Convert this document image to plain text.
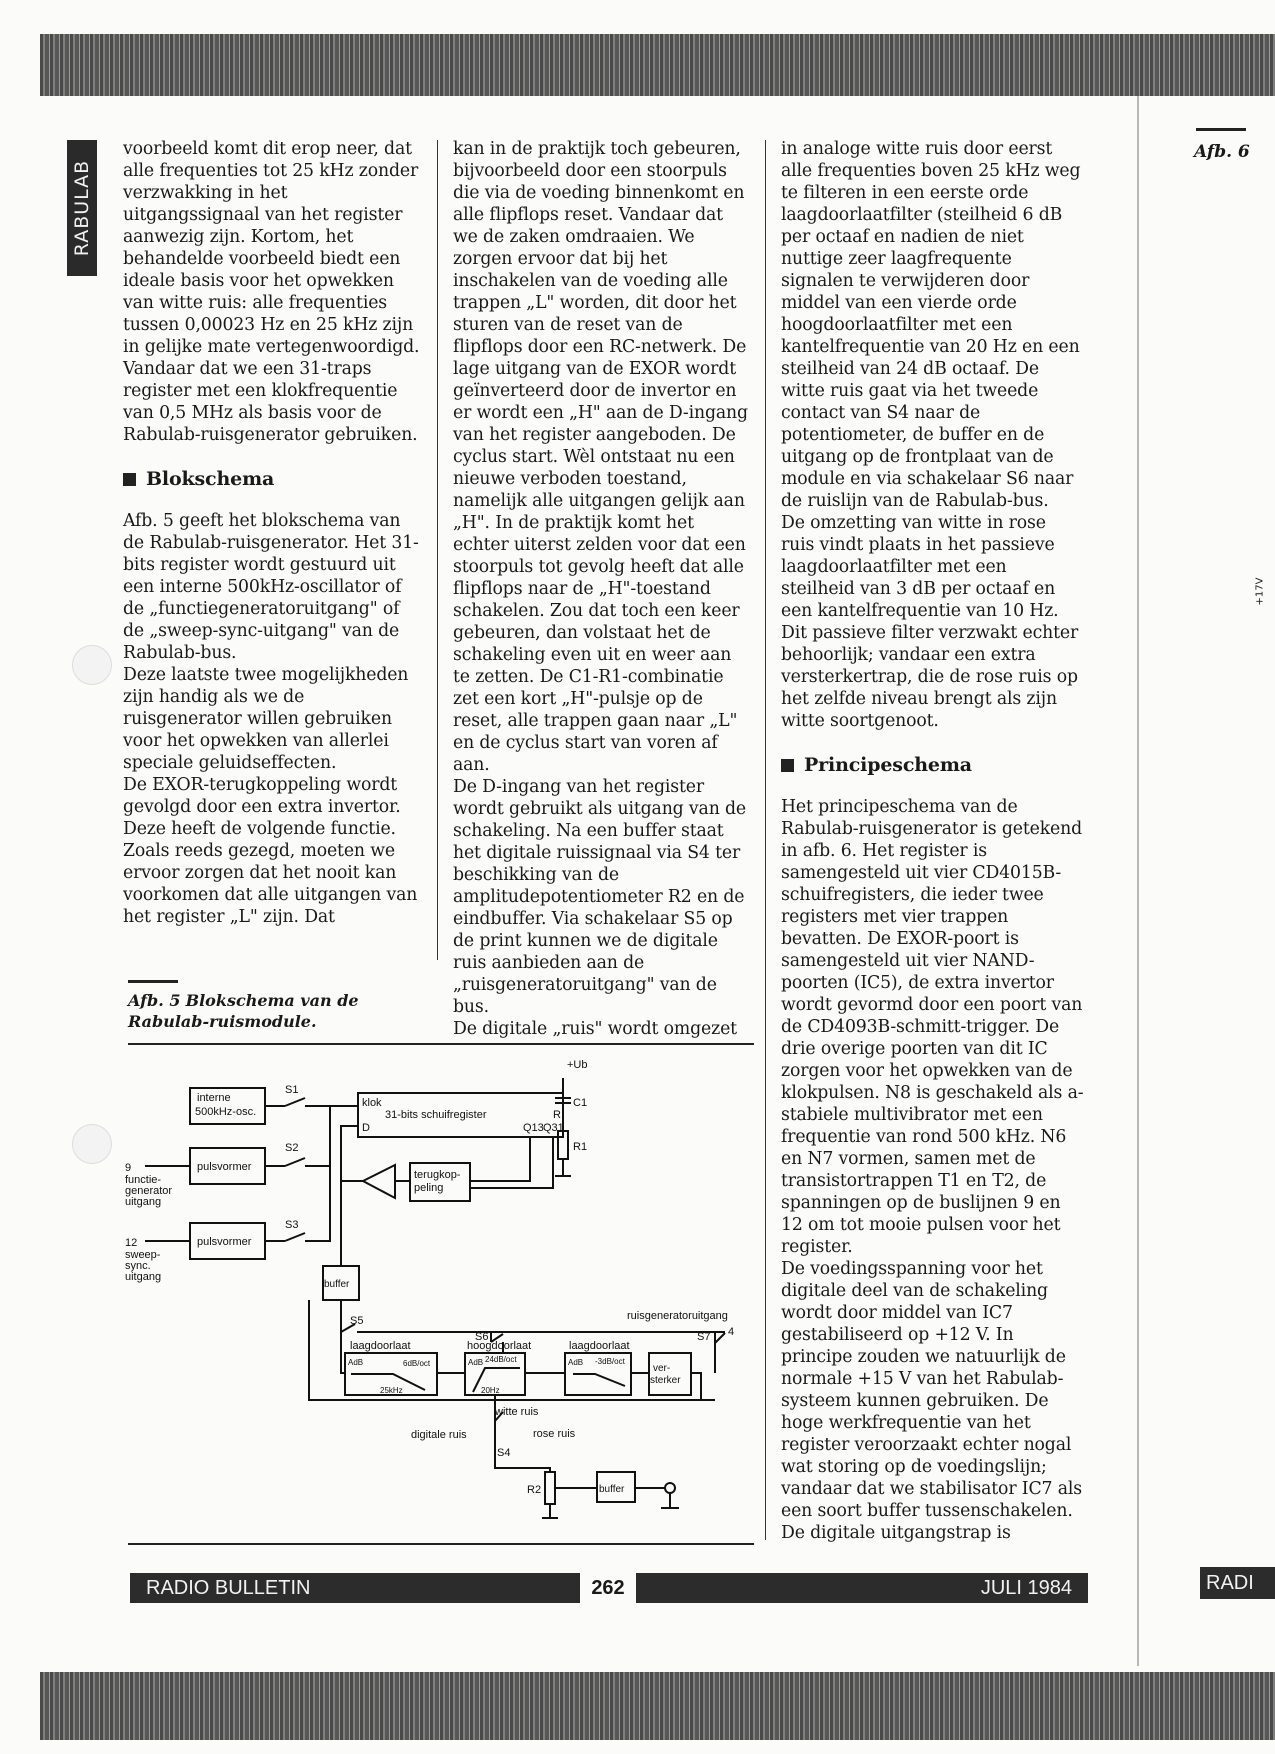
RABULAB

voorbeeld komt dit erop neer, dat alle frequenties tot 25 kHz zonder verzwakking in het uitgangssignaal van het register aanwezig zijn. Kortom, het behandelde voorbeeld biedt een ideale basis voor het opwekken van witte ruis: alle frequenties tussen 0,00023 Hz en 25 kHz zijn in gelijke mate vertegenwoordigd. Vandaar dat we een 31-traps register met een klokfrequentie van 0,5 MHz als basis voor de Rabulab-ruisgenerator gebruiken.

Blokschema

Afb. 5 geeft het blokschema van de Rabulab-ruisgenerator. Het 31-bits register wordt gestuurd uit een interne 500kHz-oscillator of de „functiegeneratoruitgang" of de „sweep-sync-uitgang" van de Rabulab-bus.

Deze laatste twee mogelijkheden zijn handig als we de ruisgenerator willen gebruiken voor het opwekken van allerlei speciale geluidseffecten.

De EXOR-terugkoppeling wordt gevolgd door een extra invertor. Deze heeft de volgende functie. Zoals reeds gezegd, moeten we ervoor zorgen dat het nooit kan voorkomen dat alle uitgangen van het register „L" zijn. Dat

Afb. 5 Blokschema van de Rabulab-ruismodule.

kan in de praktijk toch gebeuren, bijvoorbeeld door een stoorpuls die via de voeding binnenkomt en alle flipflops reset. Vandaar dat we de zaken omdraaien. We zorgen ervoor dat bij het inschakelen van de voeding alle trappen „L" worden, dit door het sturen van de reset van de flipflops door een RC-netwerk. De lage uitgang van de EXOR wordt geïnverteerd door de invertor en er wordt een „H" aan de D-ingang van het register aangeboden. De cyclus start. Wèl ontstaat nu een nieuwe verboden toestand, namelijk alle uitgangen gelijk aan „H". In de praktijk komt het echter uiterst zelden voor dat een stoorpuls tot gevolg heeft dat alle flipflops naar de „H"-toestand schakelen. Zou dat toch een keer gebeuren, dan volstaat het de schakeling even uit en weer aan te zetten. De C1-R1-combinatie zet een kort „H"-pulsje op de reset, alle trappen gaan naar „L" en de cyclus start van voren af aan.

De D-ingang van het register wordt gebruikt als uitgang van de schakeling. Na een buffer staat het digitale ruissignaal via S4 ter beschikking van de amplitudepotentiometer R2 en de eindbuffer. Via schakelaar S5 op de print kunnen we de digitale ruis aanbieden aan de „ruisgeneratoruitgang" van de bus.

De digitale „ruis" wordt omgezet

in analoge witte ruis door eerst alle frequenties boven 25 kHz weg te filteren in een eerste orde laagdoorlaatfilter (steilheid 6 dB per octaaf en nadien de niet nuttige zeer laagfrequente signalen te verwijderen door middel van een vierde orde hoogdoorlaatfilter met een kantelfrequentie van 20 Hz en een steilheid van 24 dB octaaf. De witte ruis gaat via het tweede contact van S4 naar de potentiometer, de buffer en de uitgang op de frontplaat van de module en via schakelaar S6 naar de ruislijn van de Rabulab-bus.

De omzetting van witte in rose ruis vindt plaats in het passieve laagdoorlaatfilter met een steilheid van 3 dB per octaaf en een kantelfrequentie van 10 Hz. Dit passieve filter verzwakt echter behoorlijk; vandaar een extra versterkertrap, die de rose ruis op het zelfde niveau brengt als zijn witte soortgenoot.

Principeschema

Het principeschema van de Rabulab-ruisgenerator is getekend in afb. 6. Het register is samengesteld uit vier CD4015B-schuifregisters, die ieder twee registers met vier trappen bevatten. De EXOR-poort is samengesteld uit vier NAND-poorten (IC5), de extra invertor wordt gevormd door een poort van de CD4093B-schmitt-trigger. De drie overige poorten van dit IC zorgen voor het opwekken van de klokpulsen. N8 is geschakeld als a-stabiele multivibrator met een frequentie van rond 500 kHz. N6 en N7 vormen, samen met de transistortrappen T1 en T2, de spanningen op de buslijnen 9 en 12 om tot mooie pulsen voor het register.

De voedingsspanning voor het digitale deel van de schakeling wordt door middel van IC7 gestabiliseerd op +12 V. In principe zouden we natuurlijk de normale +15 V van het Rabulab-systeem kunnen gebruiken. De hoge werkfrequentie van het register veroorzaakt echter nogal wat storing op de voedingslijn; vandaar dat we stabilisator IC7 als een soort buffer tussenschakelen. De digitale uitgangstrap is

Afb. 6
+17V
interne
500kHz-osc.
S1
S2
S3
klok
31-bits schuifregister	R
D	Q13 Q31
+Ub
C1
R1
pulsvormer
pulsvormer
9
functie-
generator
uitgang
12
sweep-
sync.
uitgang
terugkop-
peling
buffer
S5	ruisgeneratoruitgang
4
S6	S7
laagdoorlaat	hoogdoorlaat	laagdoorlaat
AdB	AdB	AdB
6dB/oct	24dB/oct	-3dB/oct
25kHz	20Hz
ver-
sterker
witte ruis
rose ruis
digitale ruis
S4
R2	buffer
RADIO BULLETIN	262	JULI 1984	RADI
